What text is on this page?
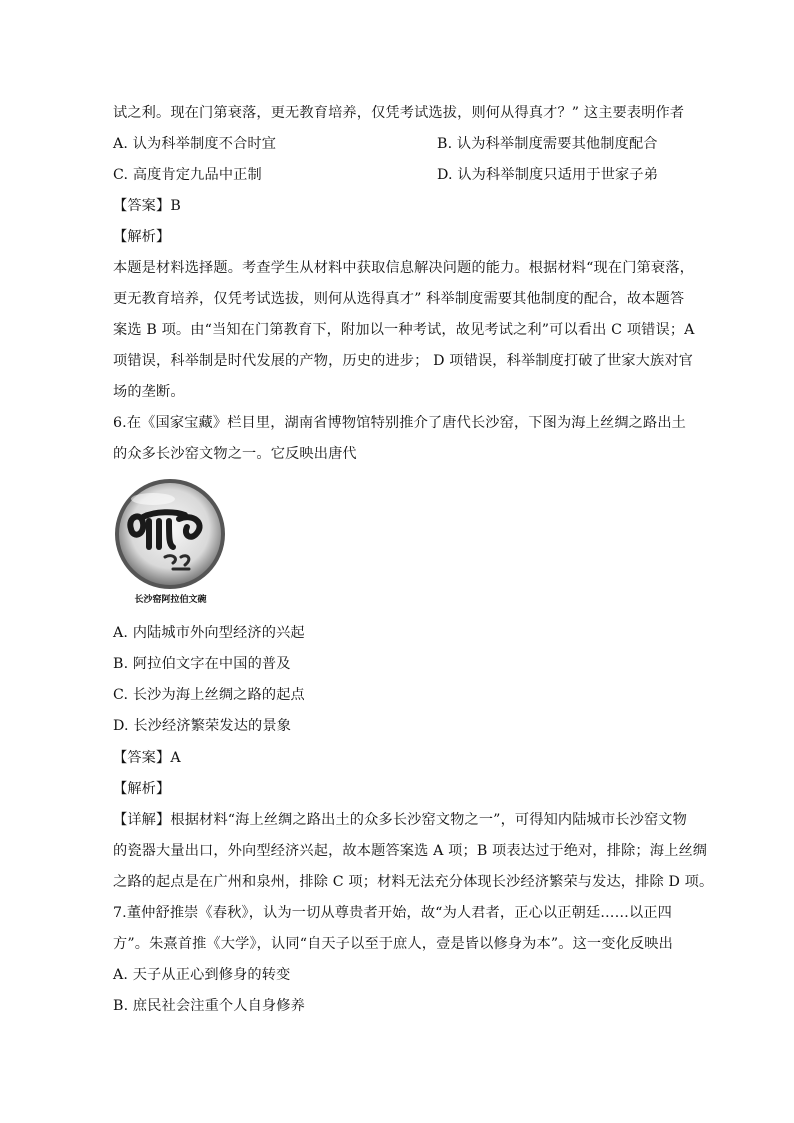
试之利。现在门第衰落，更无教育培养，仅凭考试选拔，则何从得真才？” 这主要表明作者
A. 认为科举制度不合时宜	B. 认为科举制度需要其他制度配合
C. 高度肯定九品中正制	D. 认为科举制度只适用于世家子弟
【答案】B
【解析】
本题是材料选择题。考查学生从材料中获取信息解决问题的能力。根据材料“现在门第衰落，
更无教育培养，仅凭考试选拔，则何从选得真才” 科举制度需要其他制度的配合，故本题答
案选 B 项。由“当知在门第教育下，附加以一种考试，故见考试之利”可以看出 C 项错误；A
项错误，科举制是时代发展的产物，历史的进步； D 项错误，科举制度打破了世家大族对官
场的垄断。
6.在《国家宝藏》栏目里，湖南省博物馆特别推介了唐代长沙窑，下图为海上丝绸之路出土
的众多长沙窑文物之一。它反映出唐代
长沙窑阿拉伯文碗
A. 内陆城市外向型经济的兴起
B. 阿拉伯文字在中国的普及
C. 长沙为海上丝绸之路的起点
D. 长沙经济繁荣发达的景象
【答案】A
【解析】
【详解】根据材料“海上丝绸之路出土的众多长沙窑文物之一”，可得知内陆城市长沙窑文物
的瓷器大量出口，外向型经济兴起，故本题答案选 A 项；B 项表达过于绝对，排除；海上丝绸
之路的起点是在广州和泉州，排除 C 项；材料无法充分体现长沙经济繁荣与发达，排除 D 项。
7.董仲舒推崇《春秋》，认为一切从尊贵者开始，故“为人君者，正心以正朝廷……以正四
方”。朱熹首推《大学》，认同“自天子以至于庶人，壹是皆以修身为本”。这一变化反映出
A. 天子从正心到修身的转变
B. 庶民社会注重个人自身修养
